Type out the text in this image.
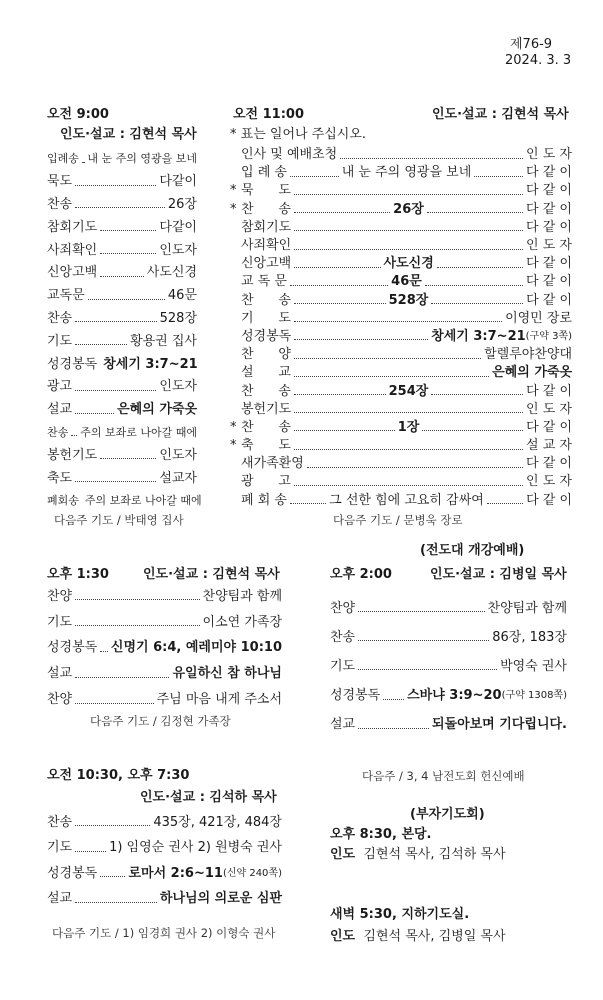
제76-9
2024. 3. 3
오전 9:00
인도·설교 : 김현석 목사
입례송 내 눈 주의 영광을 보네
묵도	다같이
찬송	26장
참회기도	다같이
사죄확인	인도자
신앙고백	사도신경
교독문	46문
찬송	528장
기도	황용권 집사
성경봉독 창세기 3:7~21
광고	인도자
설교	은혜의 가죽옷
찬송 주의 보좌로 나아갈 때에
봉헌기도	인도자
축도	설교자
폐회송 주의 보좌로 나아갈 때에
다음주 기도 / 박태영 집사
오전 11:00	인도·설교 : 김현석 목사
* 표는 일어나 주십시오.
인사 및 예배초청	인 도 자
입 례 송	내 눈 주의 영광을 보네	다 같 이
* 묵      도	다 같 이
* 찬      송	26장	다 같 이
참회기도	다 같 이
사죄확인	인 도 자
신앙고백	사도신경	다 같 이
교 독 문	46문	다 같 이
찬      송	528장	다 같 이
기      도	이영민 장로
성경봉독	창세기 3:7~21 (구약 3쪽)
찬      양	할렐루야찬양대
설      교	은혜의 가죽옷
찬      송	254장	다 같 이
봉헌기도	인 도 자
* 찬      송	1장	다 같 이
* 축      도	설 교 자
새가족환영	다 같 이
광      고	인 도 자
폐 회 송	그 선한 힘에 고요히 감싸여	다 같 이
다음주 기도 / 문병욱 장로
오후 1:30	인도·설교 : 김현석 목사
찬양	찬양팀과 함께
기도	이소연 가족장
성경봉독 신명기 6:4, 예레미야 10:10
설교	유일하신 참 하나님
찬양	주님 마음 내게 주소서
다음주 기도 / 김정현 가족장
오전 10:30, 오후 7:30
인도·설교 : 김석하 목사
찬송	435장, 421장, 484장
기도	1) 임영순 권사 2) 원병숙 권사
성경봉독 로마서 2:6~11 (신약 240쪽)
설교	하나님의 의로운 심판
다음주 기도 / 1) 임경희 권사 2) 이형숙 권사
(전도대 개강예배)
오후 2:00	인도·설교 : 김병일 목사
찬양	찬양팀과 함께
찬송	86장, 183장
기도	박영숙 권사
성경봉독 스바냐 3:9~20 (구약 1308쪽)
설교	되돌아보며 기다립니다.
다음주 / 3, 4 남전도회 헌신예배
(부자기도회)
오후 8:30, 본당.
인도 김현석 목사, 김석하 목사
새벽 5:30, 지하기도실.
인도 김현석 목사, 김병일 목사
